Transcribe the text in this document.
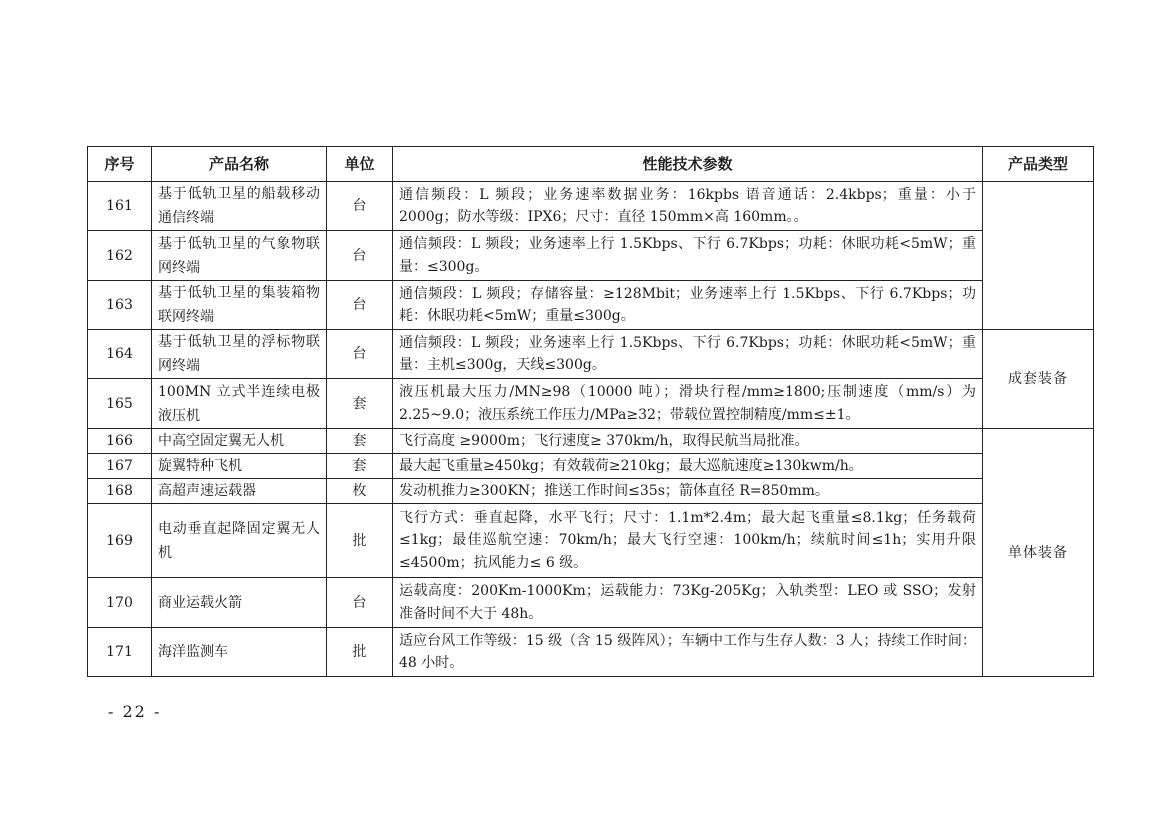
序号	产品名称	单位	性能技术参数	产品类型
161	基于低轨卫星的船载移动通信终端	台	通信频段：L 频段；业务速率数据业务：16kpbs 语音通话：2.4kbps；重量：小于 2000g；防水等级：IPX6；尺寸：直径 150mm×高 160mm。。	
162	基于低轨卫星的气象物联网终端	台	通信频段：L 频段；业务速率上行 1.5Kbps、下行 6.7Kbps；功耗：休眠功耗<5mW；重量：≤300g。	
163	基于低轨卫星的集装箱物联网终端	台	通信频段：L 频段；存储容量：≥128Mbit；业务速率上行 1.5Kbps、下行 6.7Kbps；功耗：休眠功耗<5mW；重量≤300g。	
164	基于低轨卫星的浮标物联网终端	台	通信频段：L 频段；业务速率上行 1.5Kbps、下行 6.7Kbps；功耗：休眠功耗<5mW；重量：主机≤300g，天线≤300g。	成套装备
165	100MN 立式半连续电极液压机	套	液压机最大压力/MN≥98（10000 吨）；滑块行程/mm≥1800;压制速度（mm/s）为 2.25~9.0；液压系统工作压力/MPa≥32；带载位置控制精度/mm≤±1。	
166	中高空固定翼无人机	套	飞行高度 ≥9000m；飞行速度≥ 370km/h，取得民航当局批准。	单体装备
167	旋翼特种飞机	套	最大起飞重量≥450kg；有效载荷≥210kg；最大巡航速度≥130kwm/h。	
168	高超声速运载器	枚	发动机推力≥300KN；推送工作时间≤35s；箭体直径 R=850mm。	
169	电动垂直起降固定翼无人机	批	飞行方式：垂直起降，水平飞行；尺寸：1.1m*2.4m；最大起飞重量≤8.1kg；任务载荷≤1kg；最佳巡航空速：70km/h；最大飞行空速：100km/h；续航时间≤1h；实用升限≤4500m；抗风能力≤ 6 级。	
170	商业运载火箭	台	运载高度：200Km-1000Km；运载能力：73Kg-205Kg；入轨类型：LEO 或 SSO；发射准备时间不大于 48h。	
171	海洋监测车	批	适应台风工作等级：15 级（含 15 级阵风）；车辆中工作与生存人数：3 人；持续工作时间：48 小时。	
- 22 -
